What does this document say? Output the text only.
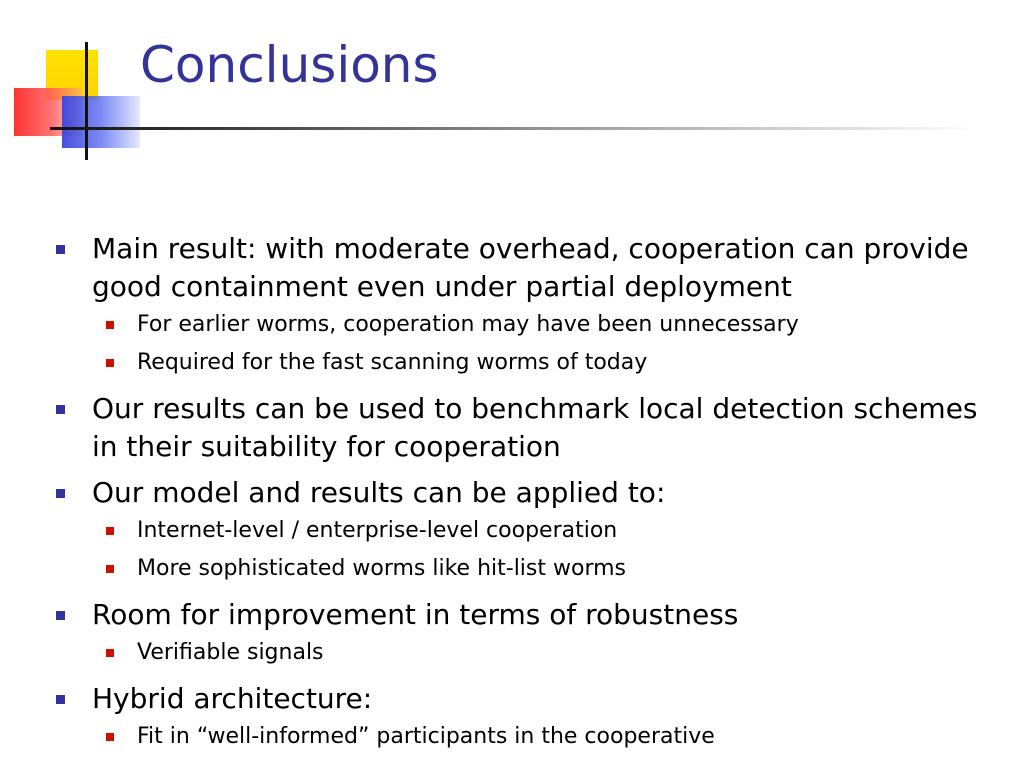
Conclusions
Main result: with moderate overhead, cooperation can provide good containment even under partial deployment
For earlier worms, cooperation may have been unnecessary
Required for the fast scanning worms of today
Our results can be used to benchmark local detection schemes in their suitability for cooperation
Our model and results can be applied to:
Internet-level / enterprise-level cooperation
More sophisticated worms like hit-list worms
Room for improvement in terms of robustness
Verifiable signals
Hybrid architecture:
Fit in “well-informed” participants in the cooperative
